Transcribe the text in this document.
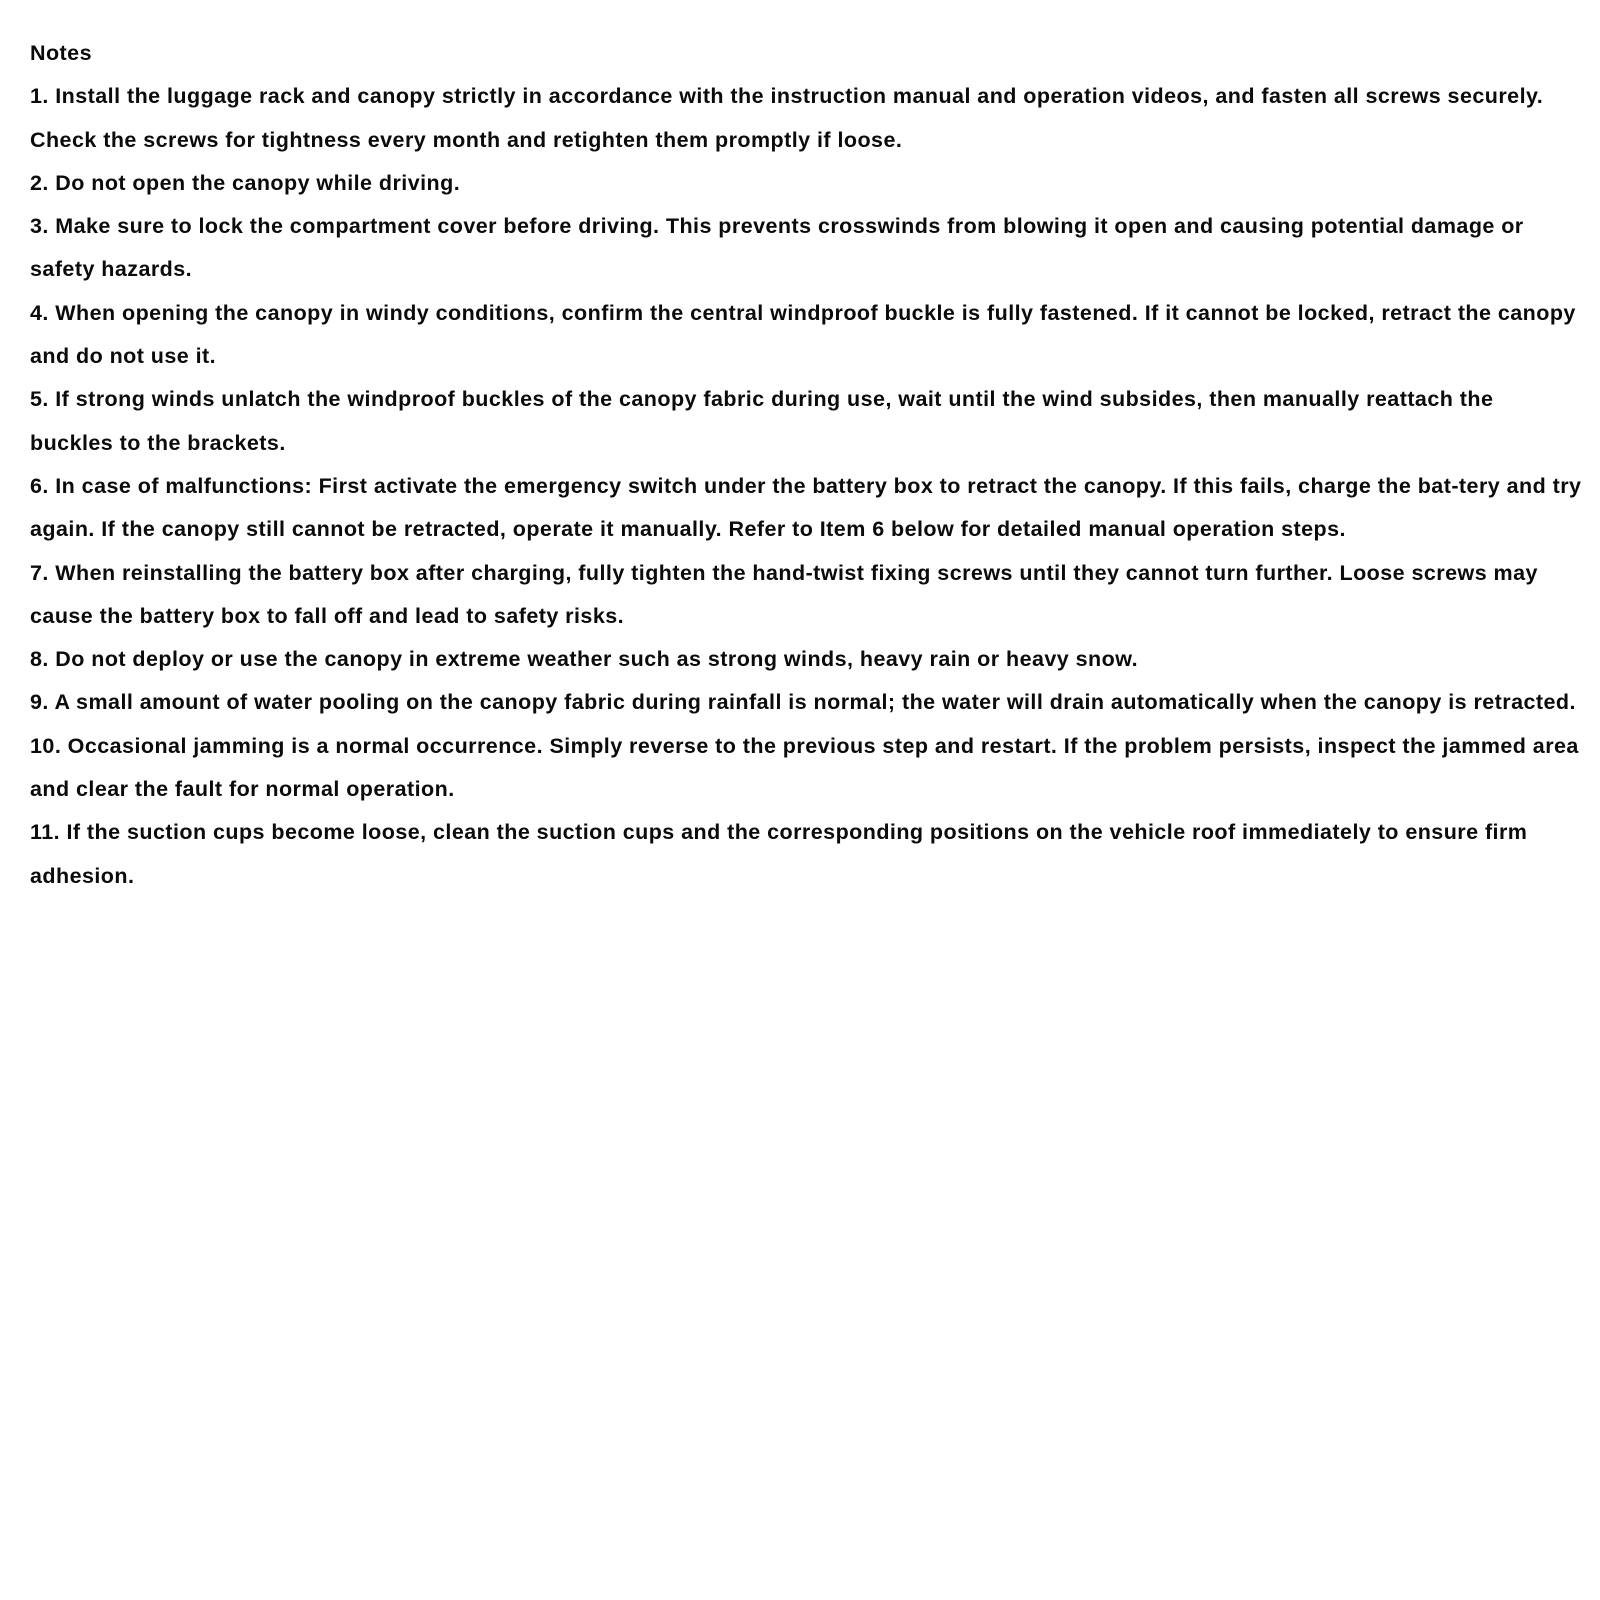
Notes
1. Install the luggage rack and canopy strictly in accordance with the instruction manual and operation videos, and fasten all screws securely. Check the screws for tightness every month and retighten them promptly if loose.
2. Do not open the canopy while driving.
3. Make sure to lock the compartment cover before driving. This prevents crosswinds from blowing it open and causing potential damage or safety hazards.
4. When opening the canopy in windy conditions, confirm the central windproof buckle is fully fastened. If it cannot be locked, retract the canopy and do not use it.
5. If strong winds unlatch the windproof buckles of the canopy fabric during use, wait until the wind subsides, then manually reattach the buckles to the brackets.
6. In case of malfunctions: First activate the emergency switch under the battery box to retract the canopy. If this fails, charge the bat-tery and try again. If the canopy still cannot be retracted, operate it manually. Refer to Item 6 below for detailed manual operation steps.
7. When reinstalling the battery box after charging, fully tighten the hand-twist fixing screws until they cannot turn further. Loose screws may cause the battery box to fall off and lead to safety risks.
8. Do not deploy or use the canopy in extreme weather such as strong winds, heavy rain or heavy snow.
9. A small amount of water pooling on the canopy fabric during rainfall is normal; the water will drain automatically when the canopy is retracted.
10. Occasional jamming is a normal occurrence. Simply reverse to the previous step and restart. If the problem persists, inspect the jammed area and clear the fault for normal operation.
11. If the suction cups become loose, clean the suction cups and the corresponding positions on the vehicle roof immediately to ensure firm adhesion.
